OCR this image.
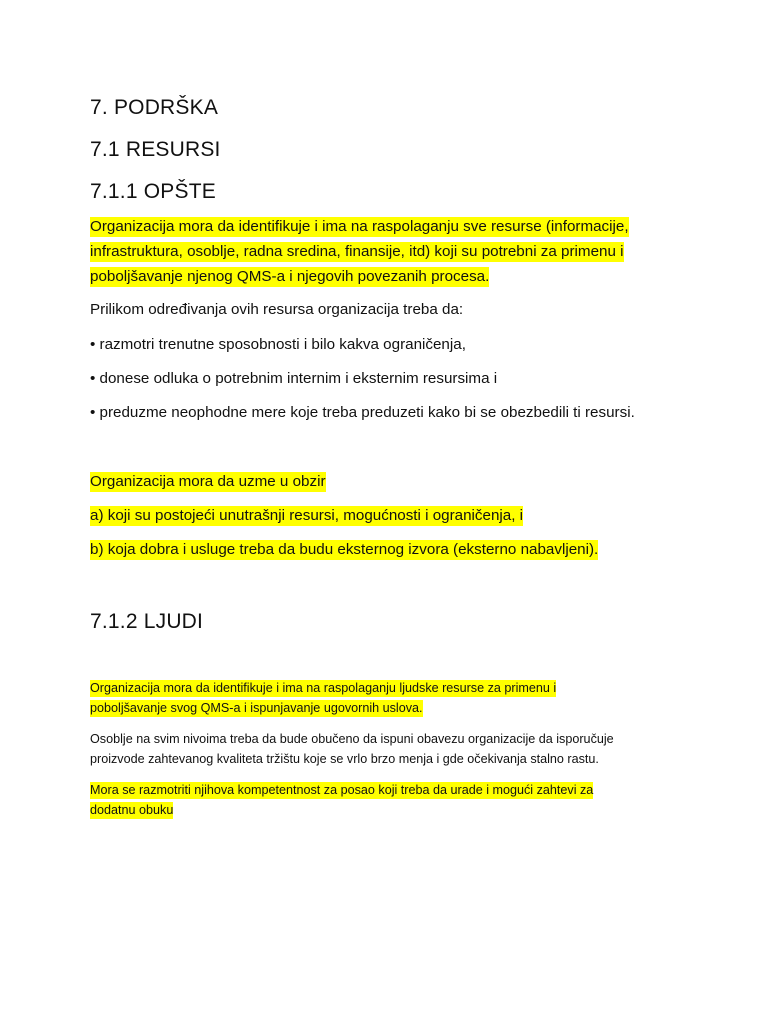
7. PODRŠKA
7.1 RESURSI
7.1.1 OPŠTE

Organizacija mora da identifikuje i ima na raspolaganju sve resurse (informacije,

infrastruktura, osoblje, radna sredina, finansije, itd) koji su potrebni za primenu i

poboljšavanje njenog QMS-a i njegovih povezanih procesa.

Prilikom određivanja ovih resursa organizacija treba da:

• razmotri trenutne sposobnosti i bilo kakva ograničenja,

• donese odluka o potrebnim internim i eksternim resursima i

• preduzme neophodne mere koje treba preduzeti kako bi se obezbedili ti resursi.

Organizacija mora da uzme u obzir

a) koji su postojeći unutrašnji resursi, mogućnosti i ograničenja, i

b) koja dobra i usluge treba da budu eksternog izvora (eksterno nabavljeni).

7.1.2 LJUDI

Organizacija mora da identifikuje i ima na raspolaganju ljudske resurse za primenu i

poboljšavanje svog QMS-a i ispunjavanje ugovornih uslova.

Osoblje na svim nivoima treba da bude obučeno da ispuni obavezu organizacije da isporučuje

proizvode zahtevanog kvaliteta tržištu koje se vrlo brzo menja i gde očekivanja stalno rastu.

Mora se razmotriti njihova kompetentnost za posao koji treba da urade i mogući zahtevi za

dodatnu obuku
